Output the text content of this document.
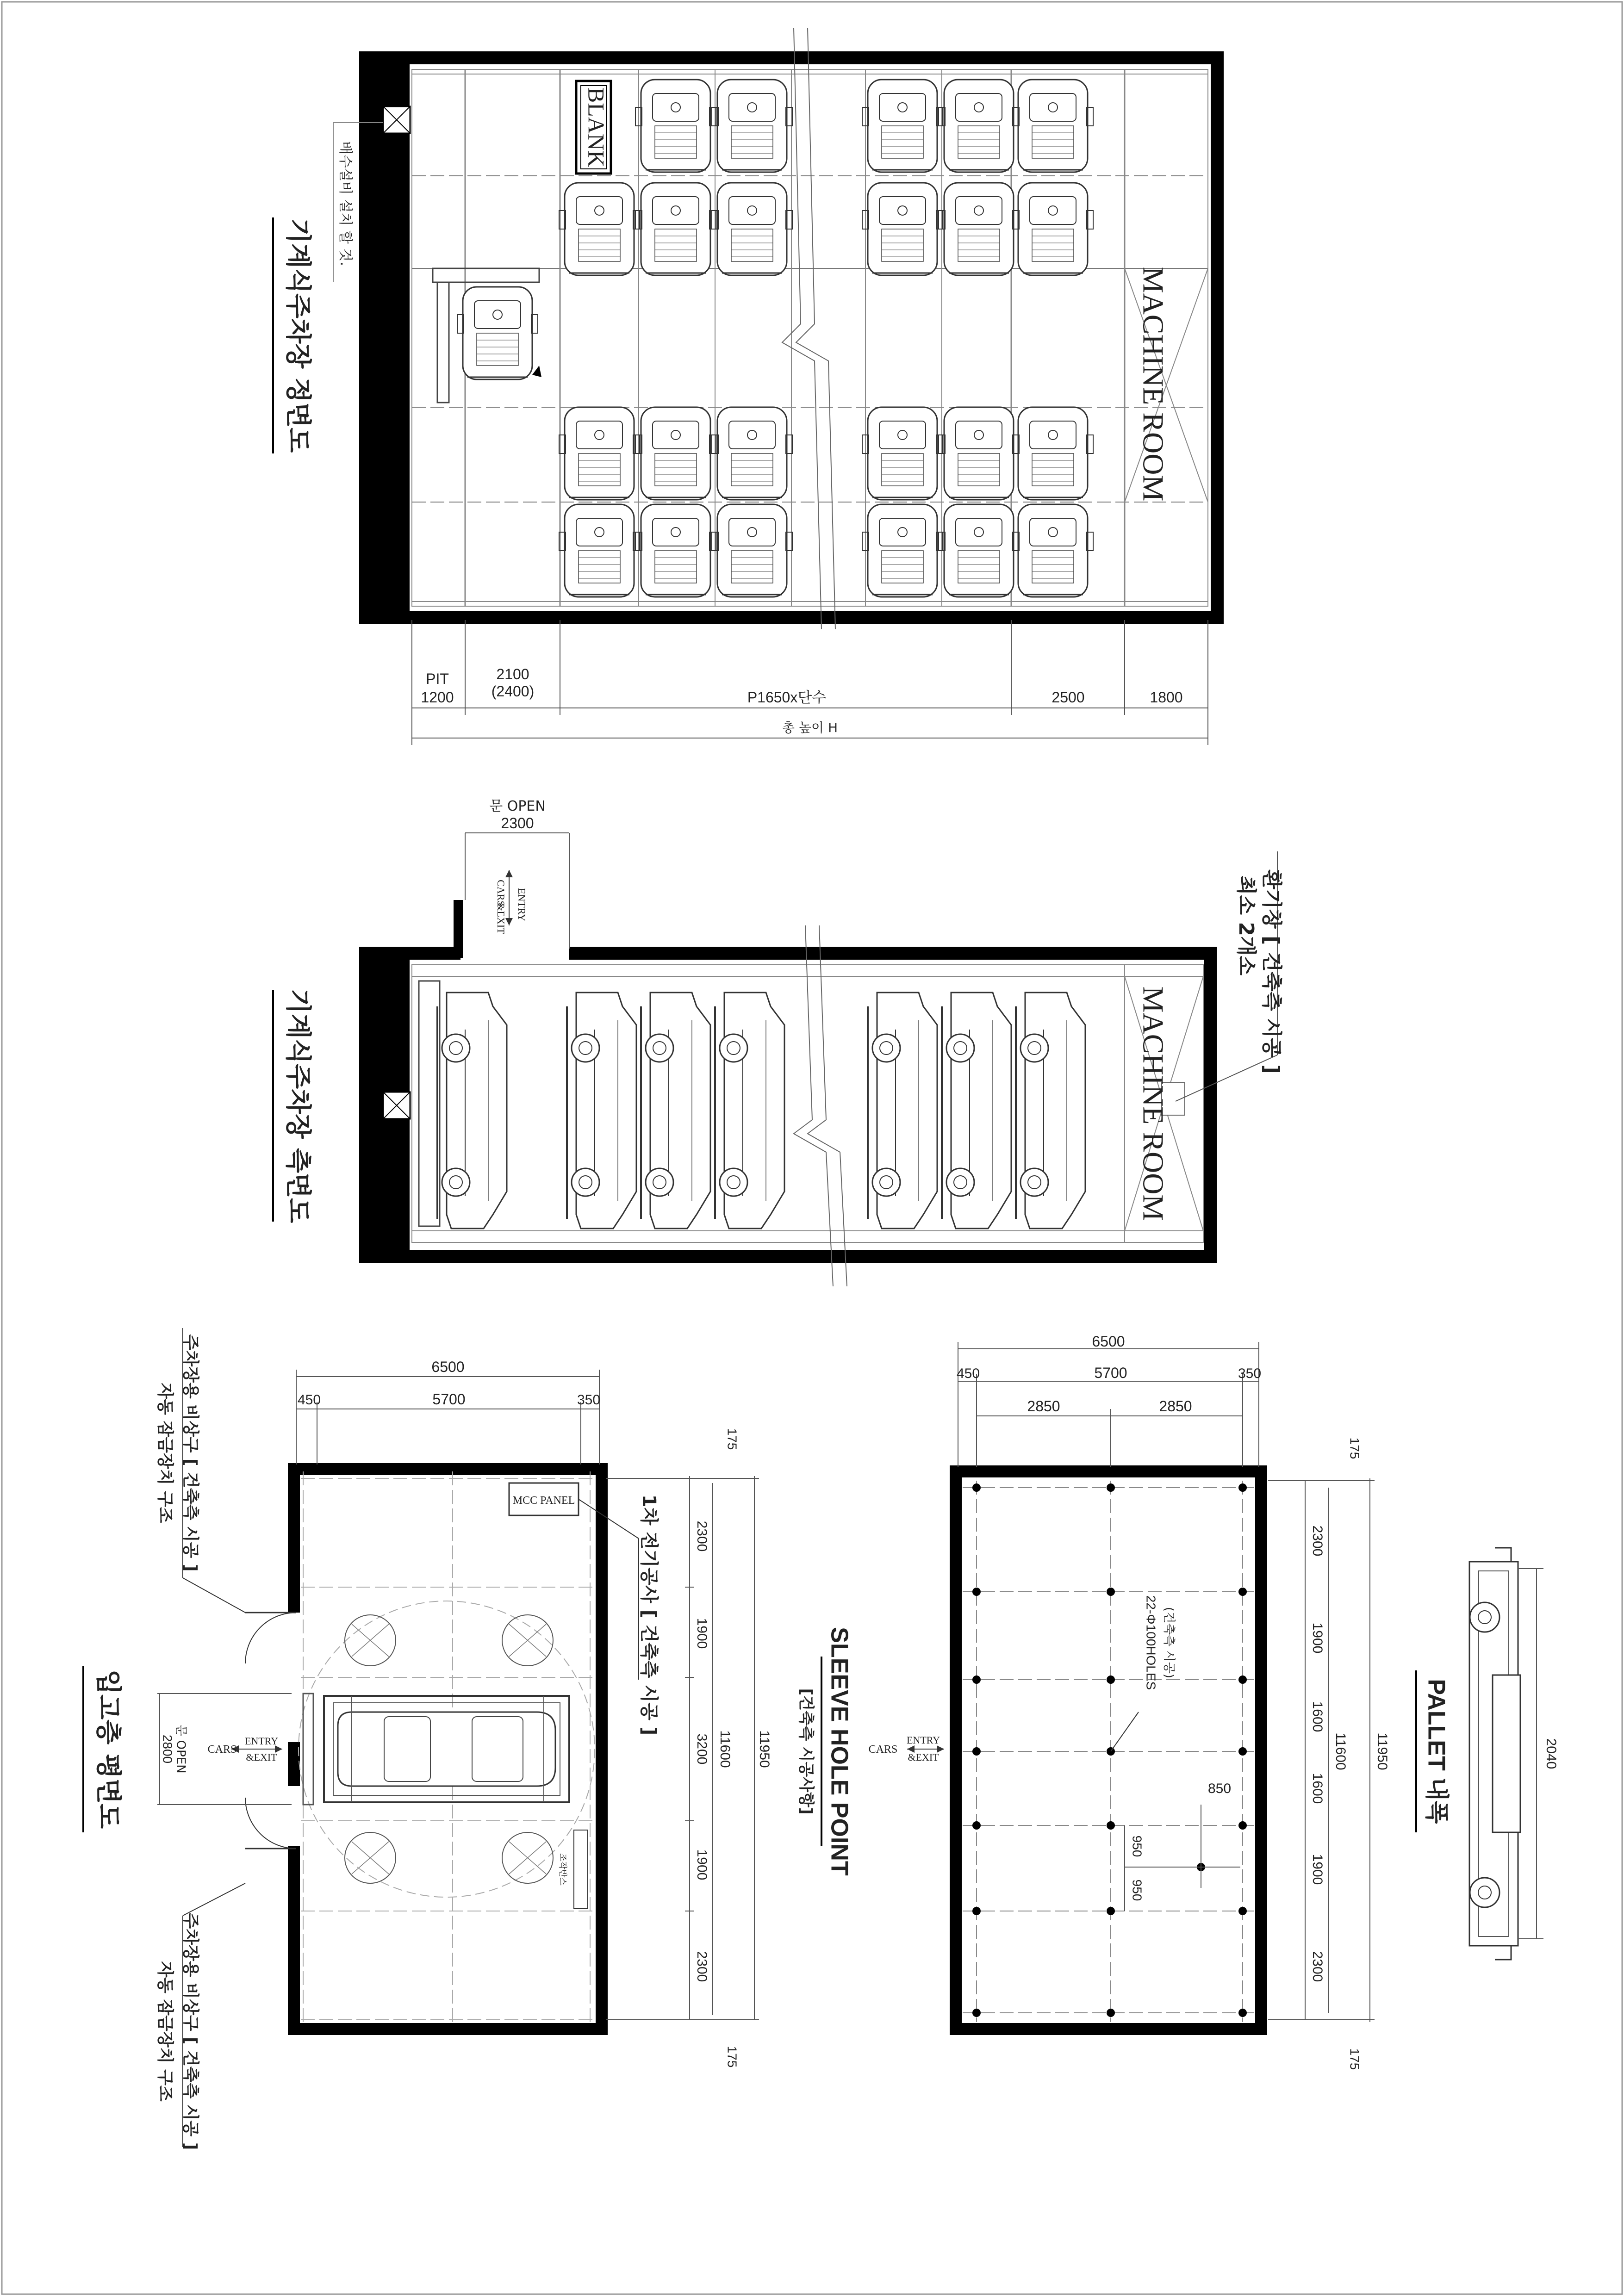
BLANK
MACHINE ROOM
배수설비 설치 할 것.
기계식주차장 정면도
PIT
1200
2100
(2400)	P1650x단수	2500	1800
총 높이 H
MACHINE ROOM
환기창 [ 건축측 시공 ]
최소 2개소
문 OPEN
2300
CARS ENTRY
&EXIT
기계식주차장 측면도
MCC PANEL	1차 전기공사 [ 건축측 시공 ]
조작반스
문 OPEN
2800	CARS
ENTRY
&EXIT
주차장용 비상구 [ 건축측 시공 ]
자동 잠금장치 구조
주차장용 비상구 [ 건축측 시공 ]
자동 잠금장치 구조
입고층 평면도
6500
450	5700	350
175
2300
1900
3200
1900
2300
175
11600 11950
22-Φ100HOLES (건축측 시공)
850
950
950
CARS
ENTRY
&EXIT
SLEEVE HOLE POINT
[건축측 시공사항]
6500
450	5700	350
2850	2850
175
2300
1900
1600
1600
1900
2300
175
11600 11950	2040
PALLET 내폭
